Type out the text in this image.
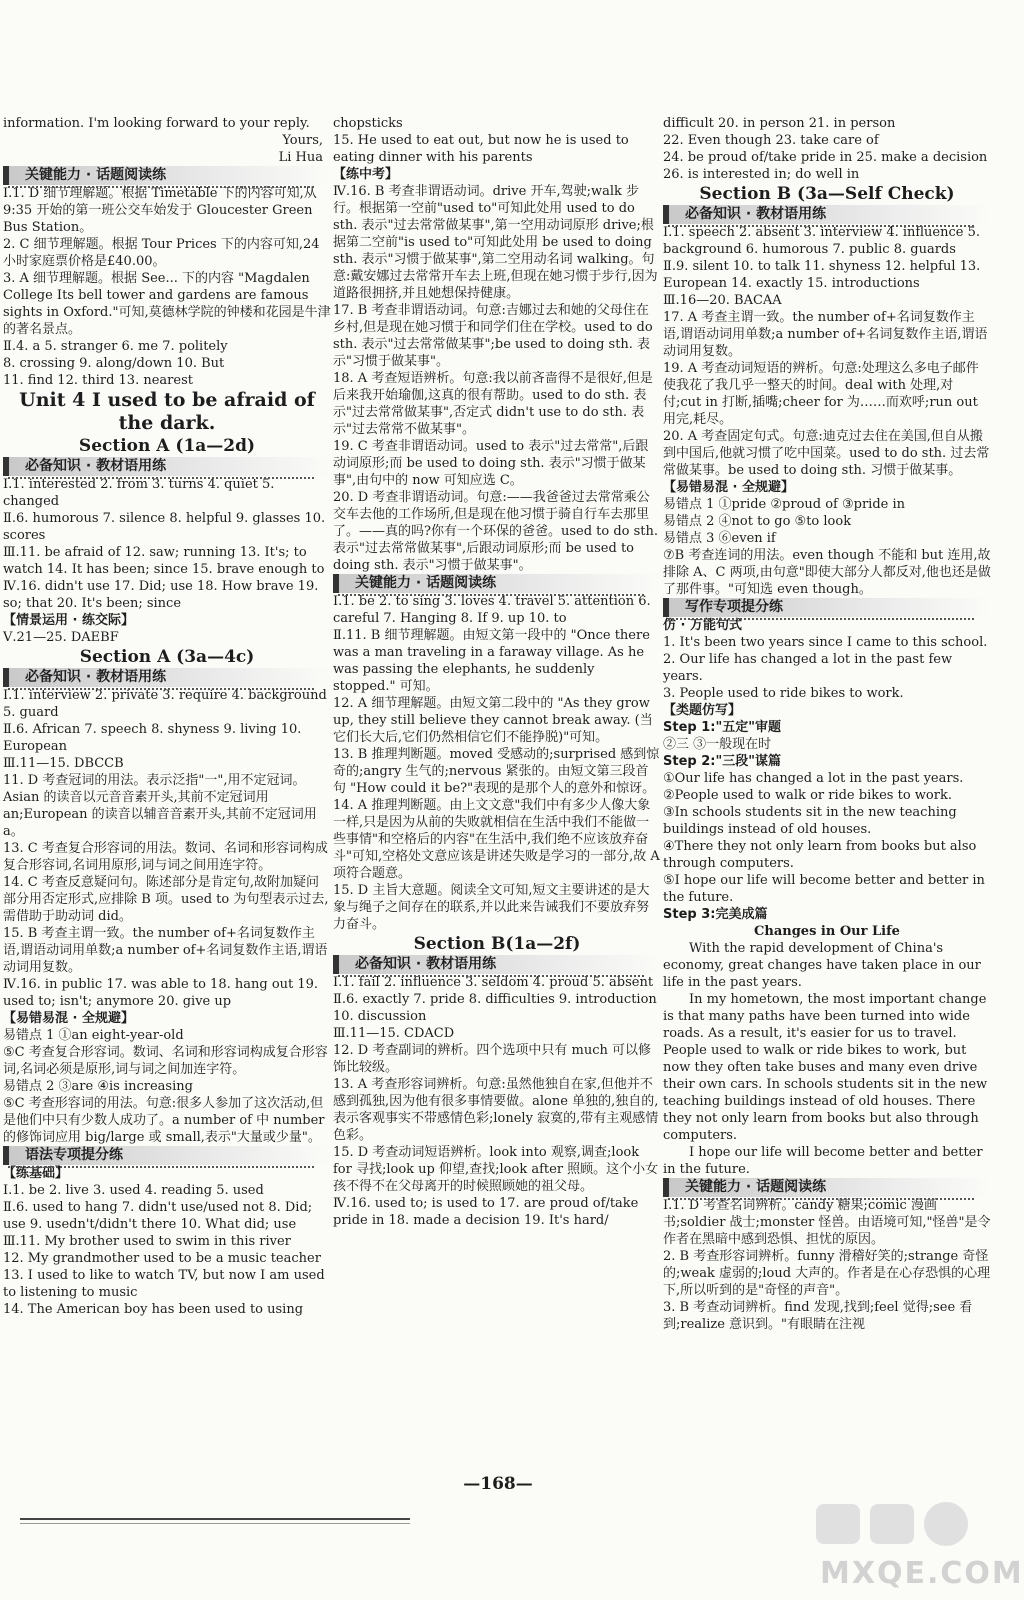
information. I'm looking forward to your reply.

Yours,

Li Hua

关键能力 · 话题阅读练

Ⅰ.1. D 细节理解题。根据 Timetable 下的内容可知,从 9:35 开始的第一班公交车始发于 Gloucester Green Bus Station。

2. C 细节理解题。根据 Tour Prices 下的内容可知,24 小时家庭票价格是£40.00。

3. A 细节理解题。根据 See... 下的内容 "Magdalen College Its bell tower and gardens are famous sights in Oxford."可知,莫德林学院的钟楼和花园是牛津的著名景点。

Ⅱ.4. a 5. stranger 6. me 7. politely

8. crossing 9. along/down 10. But

11. find 12. third 13. nearest

Unit 4 I used to be afraid of the dark.

Section A (1a—2d)

必备知识 · 教材语用练

Ⅰ.1. interested 2. from 3. turns 4. quiet 5. changed

Ⅱ.6. humorous 7. silence 8. helpful 9. glasses 10. scores

Ⅲ.11. be afraid of 12. saw; running 13. It's; to watch 14. It has been; since 15. brave enough to

Ⅳ.16. didn't use 17. Did; use 18. How brave 19. so; that 20. It's been; since

【情景运用 · 练交际】

Ⅴ.21—25. DAEBF

Section A (3a—4c)

必备知识 · 教材语用练

Ⅰ.1. interview 2. private 3. require 4. background 5. guard

Ⅱ.6. African 7. speech 8. shyness 9. living 10. European

Ⅲ.11—15. DBCCB

11. D 考查冠词的用法。表示泛指"一",用不定冠词。Asian 的读音以元音音素开头,其前不定冠词用 an;European 的读音以辅音音素开头,其前不定冠词用 a。

13. C 考查复合形容词的用法。数词、名词和形容词构成复合形容词,名词用原形,词与词之间用连字符。

14. C 考查反意疑问句。陈述部分是肯定句,故附加疑问部分用否定形式,应排除 B 项。used to 为句型表示过去,需借助于助动词 did。

15. B 考查主谓一致。the number of+名词复数作主语,谓语动词用单数;a number of+名词复数作主语,谓语动词用复数。

Ⅳ.16. in public 17. was able to 18. hang out 19. used to; isn't; anymore 20. give up

【易错易混 · 全规避】

易错点 1 ①an eight-year-old

⑤C 考查复合形容词。数词、名词和形容词构成复合形容词,名词必须是原形,词与词之间加连字符。

易错点 2 ③are ④is increasing

⑤C 考查形容词的用法。句意:很多人参加了这次活动,但是他们中只有少数人成功了。a number of 中 number 的修饰词应用 big/large 或 small,表示"大量或少量"。

语法专项提分练

【练基础】

Ⅰ.1. be 2. live 3. used 4. reading 5. used

Ⅱ.6. used to hang 7. didn't use/used not 8. Did; use 9. usedn't/didn't there 10. What did; use

Ⅲ.11. My brother used to swim in this river

12. My grandmother used to be a music teacher

13. I used to like to watch TV, but now I am used to listening to music

14. The American boy has been used to using

chopsticks

15. He used to eat out, but now he is used to eating dinner with his parents

【练中考】

Ⅳ.16. B 考查非谓语动词。drive 开车,驾驶;walk 步行。根据第一空前"used to"可知此处用 used to do sth. 表示"过去常常做某事",第一空用动词原形 drive;根据第二空前"is used to"可知此处用 be used to doing sth. 表示"习惯于做某事",第二空用动名词 walking。句意:戴安娜过去常常开车去上班,但现在她习惯于步行,因为道路很拥挤,并且她想保持健康。

17. B 考查非谓语动词。句意:吉娜过去和她的父母住在乡村,但是现在她习惯于和同学们住在学校。used to do sth. 表示"过去常常做某事";be used to doing sth. 表示"习惯于做某事"。

18. A 考查短语辨析。句意:我以前吝啬得不是很好,但是后来我开始瑜伽,这真的很有帮助。used to do sth. 表示"过去常常做某事",否定式 didn't use to do sth. 表示"过去常常不做某事"。

19. C 考查非谓语动词。used to 表示"过去常常",后跟动词原形;而 be used to doing sth. 表示"习惯于做某事",由句中的 now 可知应选 C。

20. D 考查非谓语动词。句意:——我爸爸过去常常乘公交车去他的工作场所,但是现在他习惯于骑自行车去那里了。——真的吗?你有一个环保的爸爸。used to do sth. 表示"过去常常做某事",后跟动词原形;而 be used to doing sth. 表示"习惯于做某事"。

关键能力 · 话题阅读练

Ⅰ.1. be 2. to sing 3. loves 4. travel 5. attention 6. careful 7. Hanging 8. If 9. up 10. to

Ⅱ.11. B 细节理解题。由短文第一段中的 "Once there was a man traveling in a faraway village. As he was passing the elephants, he suddenly stopped." 可知。

12. A 细节理解题。由短文第二段中的 "As they grow up, they still believe they cannot break away. (当它们长大后,它们仍然相信它们不能挣脱)"可知。

13. B 推理判断题。moved 受感动的;surprised 感到惊奇的;angry 生气的;nervous 紧张的。由短文第三段首句 "How could it be?"表现的是那个人的意外和惊讶。

14. A 推理判断题。由上文文意"我们中有多少人像大象一样,只是因为从前的失败就相信在生活中我们不能做一些事情"和空格后的内容"在生活中,我们绝不应该放弃奋斗"可知,空格处文意应该是讲述失败是学习的一部分,故 A 项符合题意。

15. D 主旨大意题。阅读全文可知,短文主要讲述的是大象与绳子之间存在的联系,并以此来告诫我们不要放弃努力奋斗。

Section B(1a—2f)

必备知识 · 教材语用练

Ⅰ.1. fail 2. influence 3. seldom 4. proud 5. absent

Ⅱ.6. exactly 7. pride 8. difficulties 9. introduction 10. discussion

Ⅲ.11—15. CDACD

12. D 考查副词的辨析。四个选项中只有 much 可以修饰比较级。

13. A 考查形容词辨析。句意:虽然他独自在家,但他并不感到孤独,因为他有很多事情要做。alone 单独的,独自的,表示客观事实不带感情色彩;lonely 寂寞的,带有主观感情色彩。

15. D 考查动词短语辨析。look into 观察,调查;look for 寻找;look up 仰望,查找;look after 照顾。这个小女孩不得不在父母离开的时候照顾她的祖父母。

Ⅳ.16. used to; is used to 17. are proud of/take pride in 18. made a decision 19. It's hard/

difficult 20. in person 21. in person

22. Even though 23. take care of

24. be proud of/take pride in 25. make a decision 26. is interested in; do well in

Section B (3a—Self Check)

必备知识 · 教材语用练

Ⅰ.1. speech 2. absent 3. interview 4. influence 5. background 6. humorous 7. public 8. guards

Ⅱ.9. silent 10. to talk 11. shyness 12. helpful 13. European 14. exactly 15. introductions

Ⅲ.16—20. BACAA

17. A 考查主谓一致。the number of+名词复数作主语,谓语动词用单数;a number of+名词复数作主语,谓语动词用复数。

19. A 考查动词短语的辨析。句意:处理这么多电子邮件使我花了我几乎一整天的时间。deal with 处理,对付;cut in 打断,插嘴;cheer for 为……而欢呼;run out 用完,耗尽。

20. A 考查固定句式。句意:迪克过去住在美国,但自从搬到中国后,他就习惯了吃中国菜。used to do sth. 过去常常做某事。be used to doing sth. 习惯于做某事。

【易错易混 · 全规避】

易错点 1 ①pride ②proud of ③pride in

易错点 2 ④not to go ⑤to look

易错点 3 ⑥even if

⑦B 考查连词的用法。even though 不能和 but 连用,故排除 A、C 两项,由句意"即使大部分人都反对,他也还是做了那件事。"可知选 even though。

写作专项提分练

仿 · 万能句式

1. It's been two years since I came to this school.

2. Our life has changed a lot in the past few years.

3. People used to ride bikes to work.

【类题仿写】

Step 1:"五定"审题

②三 ③一般现在时

Step 2:"三段"谋篇

①Our life has changed a lot in the past years.

②People used to walk or ride bikes to work.

③In schools students sit in the new teaching buildings instead of old houses.

④There they not only learn from books but also through computers.

⑤I hope our life will become better and better in the future.

Step 3:完美成篇

Changes in Our Life

With the rapid development of China's economy, great changes have taken place in our life in the past years.

In my hometown, the most important change is that many paths have been turned into wide roads. As a result, it's easier for us to travel. People used to walk or ride bikes to work, but now they often take buses and many even drive their own cars. In schools students sit in the new teaching buildings instead of old houses. There they not only learn from books but also through computers.

I hope our life will become better and better in the future.

关键能力 · 话题阅读练

Ⅰ.1. D 考查名词辨析。candy 糖果;comic 漫画书;soldier 战士;monster 怪兽。由语境可知,"怪兽"是令作者在黑暗中感到恐惧、担忧的原因。

2. B 考查形容词辨析。funny 滑稽好笑的;strange 奇怪的;weak 虚弱的;loud 大声的。作者是在心存恐惧的心理下,所以听到的是"奇怪的声音"。

3. B 考查动词辨析。find 发现,找到;feel 觉得;see 看到;realize 意识到。"有眼睛在注视

—168—
MXQE.COM
